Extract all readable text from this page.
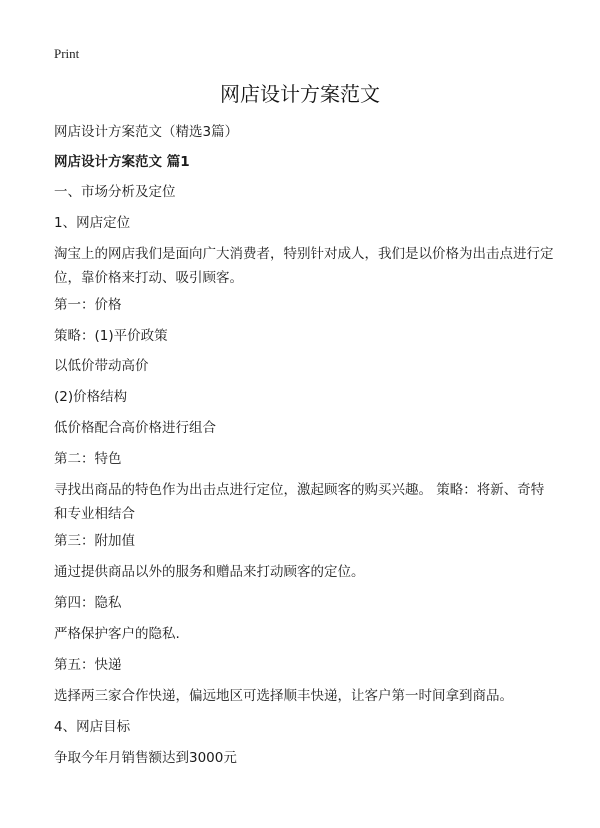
Print
网店设计方案范文

网店设计方案范文（精选3篇）

网店设计方案范文 篇1

一、市场分析及定位

1、网店定位

淘宝上的网店我们是面向广大消费者，特别针对成人，我们是以价格为出击点进行定位，靠价格来打动、吸引顾客。

第一：价格

策略：(1)平价政策

以低价带动高价

(2)价格结构

低价格配合高价格进行组合

第二：特色

寻找出商品的特色作为出击点进行定位，激起顾客的购买兴趣。 策略：将新、奇特和专业相结合

第三：附加值

通过提供商品以外的服务和赠品来打动顾客的定位。

第四：隐私

严格保护客户的隐私.

第五：快递

选择两三家合作快递，偏远地区可选择顺丰快递，让客户第一时间拿到商品。

4、网店目标

争取今年月销售额达到3000元
